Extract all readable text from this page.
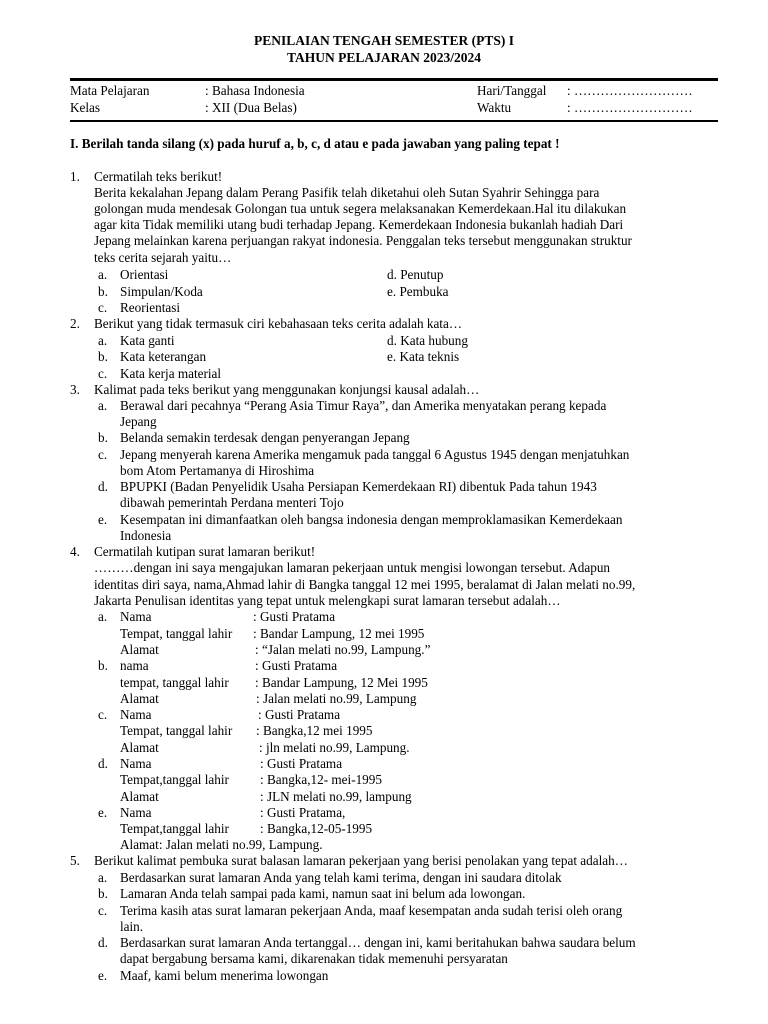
PENILAIAN TENGAH SEMESTER (PTS) I
TAHUN PELAJARAN 2023/2024
Mata Pelajaran	: Bahasa Indonesia	Hari/Tanggal : ………………………
Kelas	: XII (Dua Belas)	Waktu	: ………………………
I. Berilah tanda silang (x) pada huruf a, b, c, d atau e pada jawaban yang paling tepat !
1. Cermatilah teks berikut!
Berita kekalahan Jepang dalam Perang Pasifik telah diketahui oleh Sutan Syahrir Sehingga para
golongan muda mendesak Golongan tua untuk segera melaksanakan Kemerdekaan.Hal itu dilakukan
agar kita Tidak memiliki utang budi terhadap Jepang. Kemerdekaan Indonesia bukanlah hadiah Dari
Jepang melainkan karena perjuangan rakyat indonesia. Penggalan teks tersebut menggunakan struktur
teks cerita sejarah yaitu…
a. Orientasi	d. Penutup
b. Simpulan/Koda	e. Pembuka
c. Reorientasi
2. Berikut yang tidak termasuk ciri kebahasaan teks cerita adalah kata…
a. Kata ganti	d. Kata hubung
b. Kata keterangan	e. Kata teknis
c. Kata kerja material
3. Kalimat pada teks berikut yang menggunakan konjungsi kausal adalah…
a. Berawal dari pecahnya “Perang Asia Timur Raya”, dan Amerika menyatakan perang kepada
Jepang
b. Belanda semakin terdesak dengan penyerangan Jepang
c. Jepang menyerah karena Amerika mengamuk pada tanggal 6 Agustus 1945 dengan menjatuhkan
bom Atom Pertamanya di Hiroshima
d. BPUPKI (Badan Penyelidik Usaha Persiapan Kemerdekaan RI) dibentuk Pada tahun 1943
dibawah pemerintah Perdana menteri Tojo
e. Kesempatan ini dimanfaatkan oleh bangsa indonesia dengan memproklamasikan Kemerdekaan
Indonesia
4. Cermatilah kutipan surat lamaran berikut!
………dengan ini saya mengajukan lamaran pekerjaan untuk mengisi lowongan tersebut. Adapun
identitas diri saya, nama,Ahmad lahir di Bangka tanggal 12 mei 1995, beralamat di Jalan melati no.99,
Jakarta Penulisan identitas yang tepat untuk melengkapi surat lamaran tersebut adalah…
a. Nama	: Gusti Pratama
Tempat, tanggal lahir : Bandar Lampung, 12 mei 1995
Alamat	: “Jalan melati no.99, Lampung.”
b. nama	: Gusti Pratama
tempat, tanggal lahir : Bandar Lampung, 12 Mei 1995
Alamat	: Jalan melati no.99, Lampung
c. Nama	: Gusti Pratama
Tempat, tanggal lahir : Bangka,12 mei 1995
Alamat	: jln melati no.99, Lampung.
d. Nama	: Gusti Pratama
Tempat,tanggal lahir : Bangka,12- mei-1995
Alamat	: JLN melati no.99, lampung
e. Nama	: Gusti Pratama,
Tempat,tanggal lahir : Bangka,12-05-1995
Alamat: Jalan melati no.99, Lampung.
5. Berikut kalimat pembuka surat balasan lamaran pekerjaan yang berisi penolakan yang tepat adalah…
a. Berdasarkan surat lamaran Anda yang telah kami terima, dengan ini saudara ditolak
b. Lamaran Anda telah sampai pada kami, namun saat ini belum ada lowongan.
c. Terima kasih atas surat lamaran pekerjaan Anda, maaf kesempatan anda sudah terisi oleh orang
lain.
d. Berdasarkan surat lamaran Anda tertanggal… dengan ini, kami beritahukan bahwa saudara belum
dapat bergabung bersama kami, dikarenakan tidak memenuhi persyaratan
e. Maaf, kami belum menerima lowongan
